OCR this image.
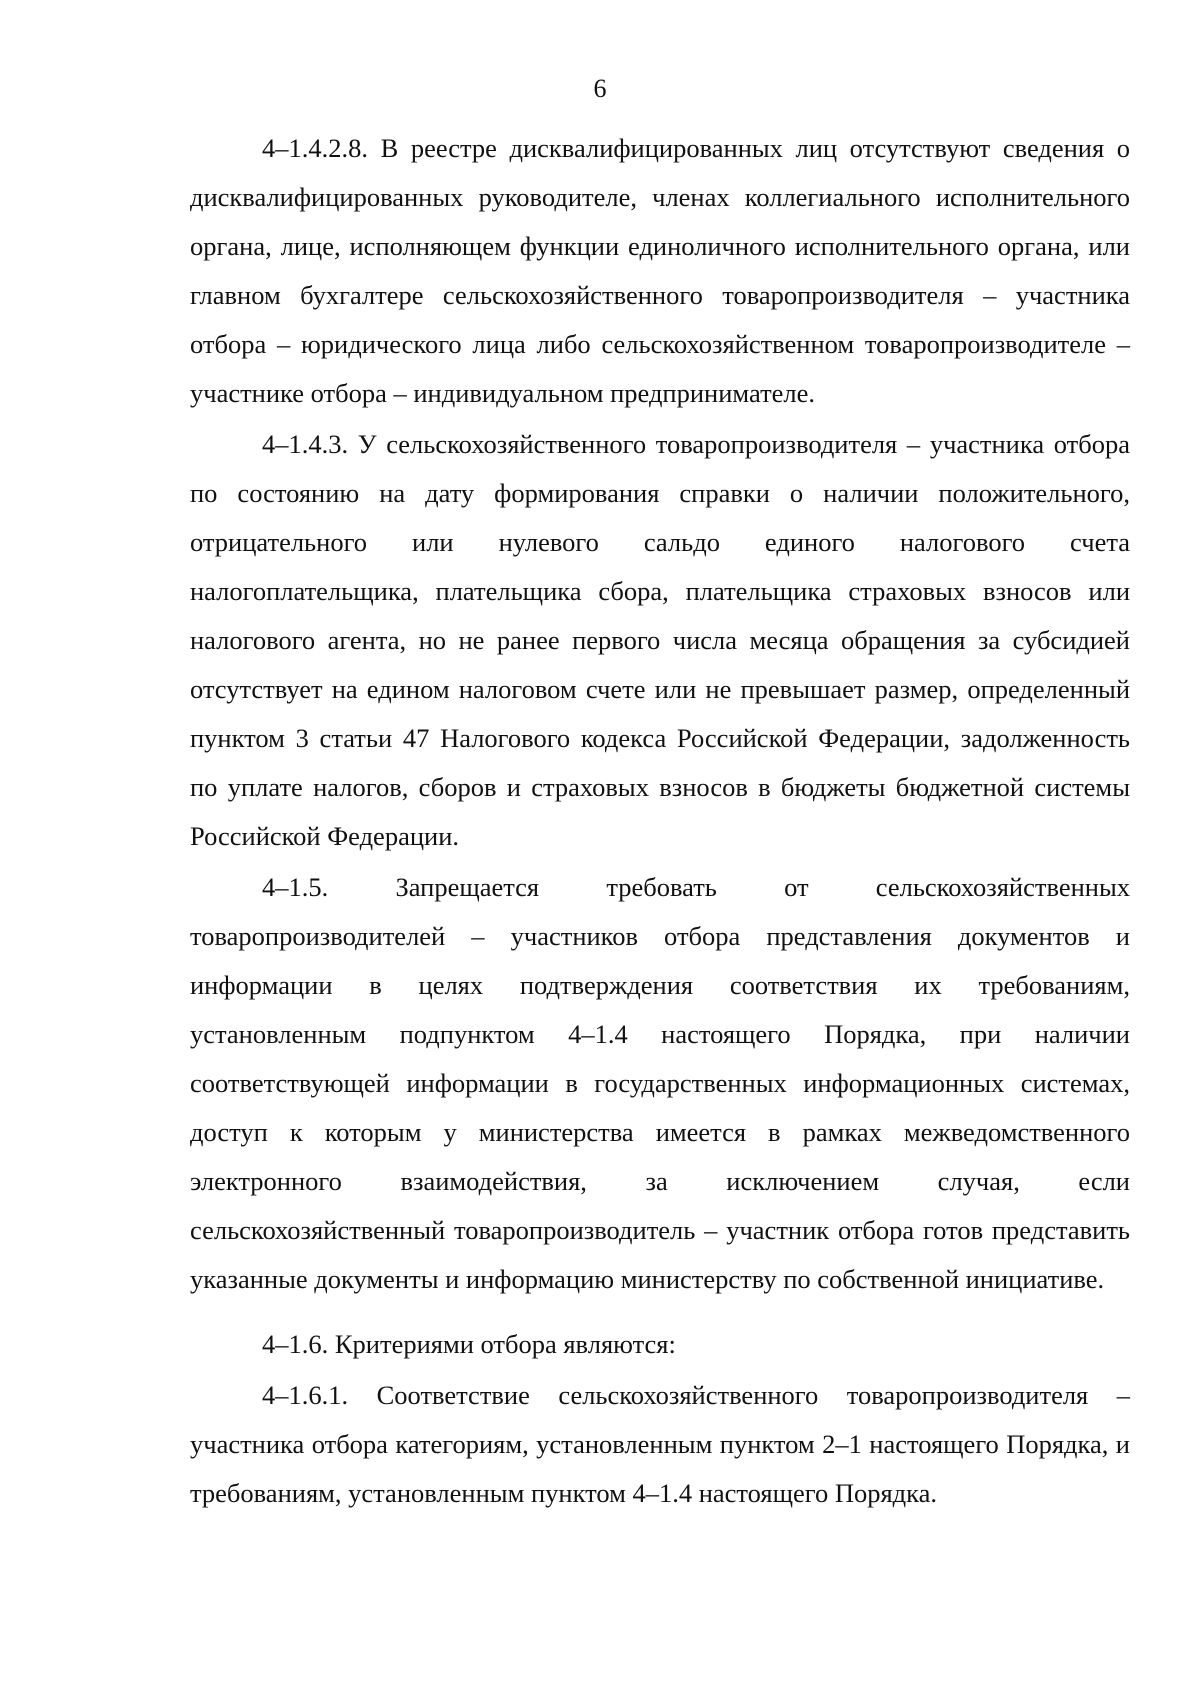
6

4–1.4.2.8. В реестре дисквалифицированных лиц отсутствуют сведения о дисквалифицированных руководителе, членах коллегиального исполнительного органа, лице, исполняющем функции единоличного исполнительного органа, или главном бухгалтере сельскохозяйственного товаропроизводителя – участника отбора – юридического лица либо сельскохозяйственном товаропроизводителе – участнике отбора – индивидуальном предпринимателе.

4–1.4.3. У сельскохозяйственного товаропроизводителя – участника отбора по состоянию на дату формирования справки о наличии положительного, отрицательного или нулевого сальдо единого налогового счета налогоплательщика, плательщика сбора, плательщика страховых взносов или налогового агента, но не ранее первого числа месяца обращения за субсидией отсутствует на едином налоговом счете или не превышает размер, определенный пунктом 3 статьи 47 Налогового кодекса Российской Федерации, задолженность по уплате налогов, сборов и страховых взносов в бюджеты бюджетной системы Российской Федерации.

4–1.5. Запрещается требовать от сельскохозяйственных товаропроизводителей – участников отбора представления документов и информации в целях подтверждения соответствия их требованиям, установленным подпунктом 4–1.4 настоящего Порядка, при наличии соответствующей информации в государственных информационных системах, доступ к которым у министерства имеется в рамках межведомственного электронного взаимодействия, за исключением случая, если сельскохозяйственный товаропроизводитель – участник отбора готов представить указанные документы и информацию министерству по собственной инициативе.

4–1.6. Критериями отбора являются:

4–1.6.1. Соответствие сельскохозяйственного товаропроизводителя – участника отбора категориям, установленным пунктом 2–1 настоящего Порядка, и требованиям, установленным пунктом 4–1.4 настоящего Порядка.
